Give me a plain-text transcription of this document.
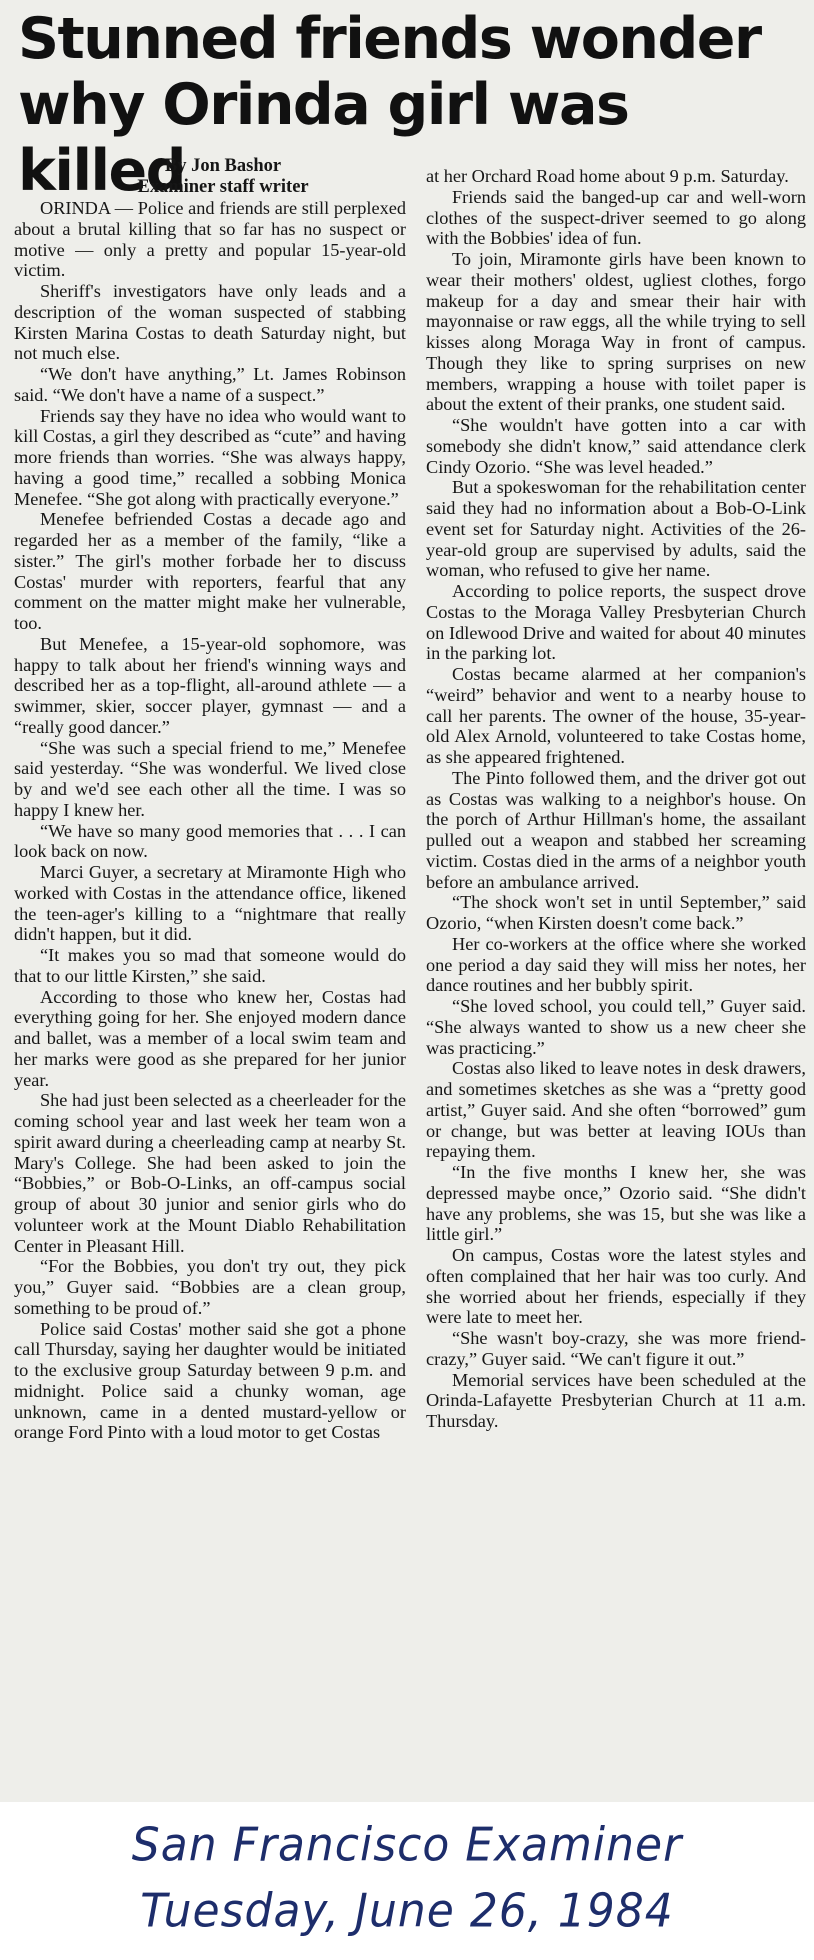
Stunned friends wonder
why Orinda girl was killed

By Jon Bashor

Examiner staff writer

ORINDA — Police and friends are still perplexed about a brutal killing that so far has no suspect or motive — only a pretty and popular 15-year-old victim.

Sheriff's investigators have only leads and a description of the woman suspected of stabbing Kirsten Marina Costas to death Saturday night, but not much else.

“We don't have anything,” Lt. James Robinson said. “We don't have a name of a suspect.”

Friends say they have no idea who would want to kill Costas, a girl they described as “cute” and having more friends than worries. “She was always happy, having a good time,” recalled a sobbing Monica Menefee. “She got along with practically everyone.”

Menefee befriended Costas a decade ago and regarded her as a member of the family, “like a sister.” The girl's mother forbade her to discuss Costas' murder with reporters, fearful that any comment on the matter might make her vulnerable, too.

But Menefee, a 15-year-old sophomore, was happy to talk about her friend's winning ways and described her as a top-flight, all-around athlete — a swimmer, skier, soccer player, gymnast — and a “really good dancer.”

“She was such a special friend to me,” Menefee said yesterday. “She was wonderful. We lived close by and we'd see each other all the time. I was so happy I knew her.

“We have so many good memories that . . . I can look back on now.

Marci Guyer, a secretary at Miramonte High who worked with Costas in the attendance office, likened the teen-ager's killing to a “nightmare that really didn't happen, but it did.

“It makes you so mad that someone would do that to our little Kirsten,” she said.

According to those who knew her, Costas had everything going for her. She enjoyed modern dance and ballet, was a member of a local swim team and her marks were good as she prepared for her junior year.

She had just been selected as a cheerleader for the coming school year and last week her team won a spirit award during a cheerleading camp at nearby St. Mary's College. She had been asked to join the “Bobbies,” or Bob-O-Links, an off-campus social group of about 30 junior and senior girls who do volunteer work at the Mount Diablo Rehabilitation Center in Pleasant Hill.

“For the Bobbies, you don't try out, they pick you,” Guyer said. “Bobbies are a clean group, something to be proud of.”

Police said Costas' mother said she got a phone call Thursday, saying her daughter would be initiated to the exclusive group Saturday between 9 p.m. and midnight. Police said a chunky woman, age unknown, came in a dented mustard-yellow or orange Ford Pinto with a loud motor to get Costas

at her Orchard Road home about 9 p.m. Saturday.

Friends said the banged-up car and well-worn clothes of the suspect-driver seemed to go along with the Bobbies' idea of fun.

To join, Miramonte girls have been known to wear their mothers' oldest, ugliest clothes, forgo makeup for a day and smear their hair with mayonnaise or raw eggs, all the while trying to sell kisses along Moraga Way in front of campus. Though they like to spring surprises on new members, wrapping a house with toilet paper is about the extent of their pranks, one student said.

“She wouldn't have gotten into a car with somebody she didn't know,” said attendance clerk Cindy Ozorio. “She was level headed.”

But a spokeswoman for the rehabilitation center said they had no information about a Bob-O-Link event set for Saturday night. Activities of the 26-year-old group are supervised by adults, said the woman, who refused to give her name.

According to police reports, the suspect drove Costas to the Moraga Valley Presbyterian Church on Idlewood Drive and waited for about 40 minutes in the parking lot.

Costas became alarmed at her companion's “weird” behavior and went to a nearby house to call her parents. The owner of the house, 35-year-old Alex Arnold, volunteered to take Costas home, as she appeared frightened.

The Pinto followed them, and the driver got out as Costas was walking to a neighbor's house. On the porch of Arthur Hillman's home, the assailant pulled out a weapon and stabbed her screaming victim. Costas died in the arms of a neighbor youth before an ambulance arrived.

“The shock won't set in until September,” said Ozorio, “when Kirsten doesn't come back.”

Her co-workers at the office where she worked one period a day said they will miss her notes, her dance routines and her bubbly spirit.

“She loved school, you could tell,” Guyer said. “She always wanted to show us a new cheer she was practicing.”

Costas also liked to leave notes in desk drawers, and sometimes sketches as she was a “pretty good artist,” Guyer said. And she often “borrowed” gum or change, but was better at leaving IOUs than repaying them.

“In the five months I knew her, she was depressed maybe once,” Ozorio said. “She didn't have any problems, she was 15, but she was like a little girl.”

On campus, Costas wore the latest styles and often complained that her hair was too curly. And she worried about her friends, especially if they were late to meet her.

“She wasn't boy-crazy, she was more friend-crazy,” Guyer said. “We can't figure it out.”

Memorial services have been scheduled at the Orinda-Lafayette Presbyterian Church at 11 a.m. Thursday.

San Francisco Examiner
Tuesday, June 26, 1984
